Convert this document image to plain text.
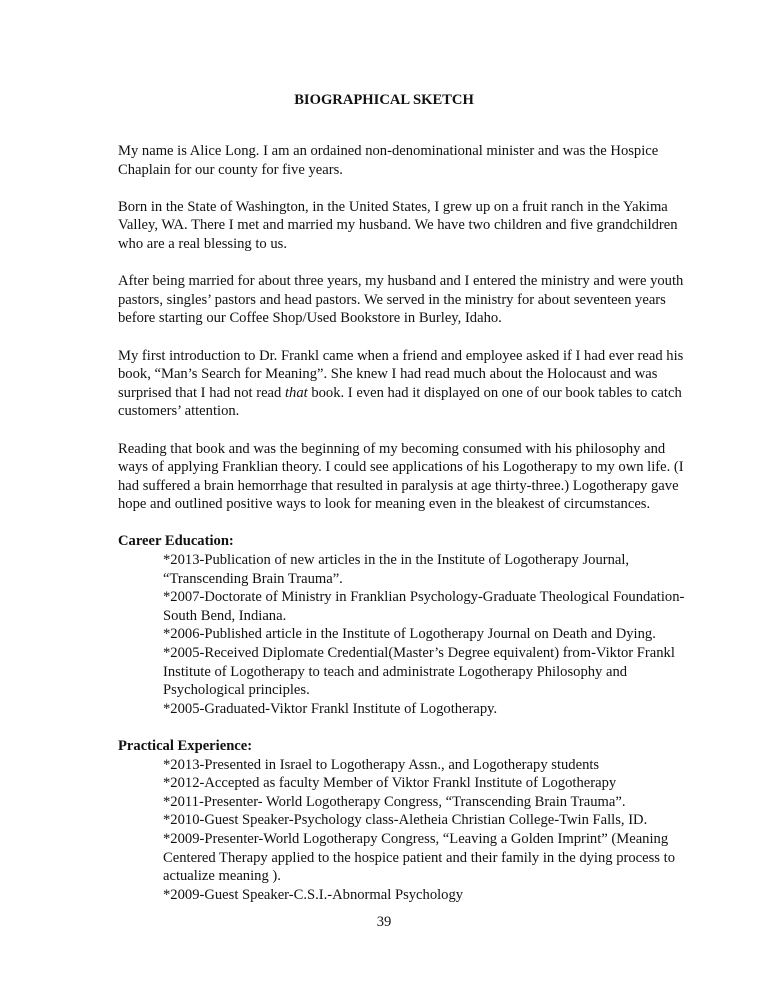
BIOGRAPHICAL SKETCH

My name is Alice Long. I am an ordained non-denominational minister and was the Hospice Chaplain for our county for five years.

Born in the State of Washington, in the United States, I grew up on a fruit ranch in the Yakima Valley, WA. There I met and married my husband. We have two children and five grandchildren who are a real blessing to us.

After being married for about three years, my husband and I entered the ministry and were youth pastors, singles’ pastors and head pastors. We served in the ministry for about seventeen years before starting our Coffee Shop/Used Bookstore in Burley, Idaho.

My first introduction to Dr. Frankl came when a friend and employee asked if I had ever read his book, “Man’s Search for Meaning”. She knew I had read much about the Holocaust and was surprised that I had not read that book. I even had it displayed on one of our book tables to catch customers’ attention.

Reading that book and was the beginning of my becoming consumed with his philosophy and ways of applying Franklian theory. I could see applications of his Logotherapy to my own life. (I had suffered a brain hemorrhage that resulted in paralysis at age thirty-three.) Logotherapy gave hope and outlined positive ways to look for meaning even in the bleakest of circumstances.

Career Education:

*2013-Publication of new articles in the in the Institute of Logotherapy Journal, “Transcending Brain Trauma”.
*2007-Doctorate of Ministry in Franklian Psychology-Graduate Theological Foundation-South Bend, Indiana.
*2006-Published article in the Institute of Logotherapy Journal on Death and Dying.
*2005-Received Diplomate Credential(Master’s Degree equivalent) from-Viktor Frankl Institute of Logotherapy to teach and administrate Logotherapy Philosophy and Psychological principles.
*2005-Graduated-Viktor Frankl Institute of Logotherapy.

Practical Experience:

*2013-Presented in Israel to Logotherapy Assn., and Logotherapy students
*2012-Accepted as faculty Member of Viktor Frankl Institute of Logotherapy
*2011-Presenter- World Logotherapy Congress, “Transcending Brain Trauma”.
*2010-Guest Speaker-Psychology class-Aletheia Christian College-Twin Falls, ID.
*2009-Presenter-World Logotherapy Congress, “Leaving a Golden Imprint” (Meaning Centered Therapy applied to the hospice patient and their family in the dying process to actualize meaning ).
*2009-Guest Speaker-C.S.I.-Abnormal Psychology
39
